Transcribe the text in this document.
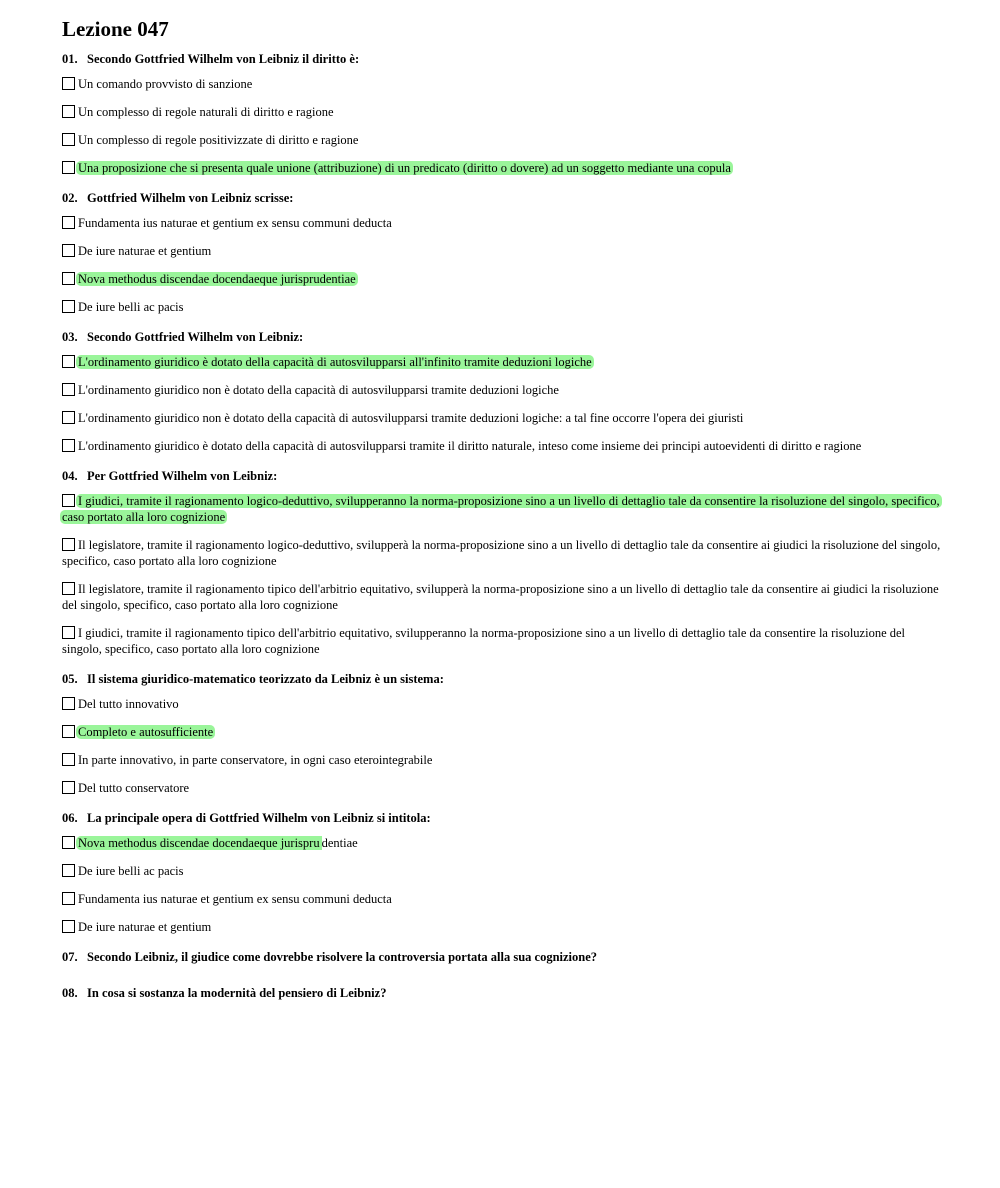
Lezione 047
01. Secondo Gottfried Wilhelm von Leibniz il diritto è:
Un comando provvisto di sanzione
Un complesso di regole naturali di diritto e ragione
Un complesso di regole positivizzate di diritto e ragione
Una proposizione che si presenta quale unione (attribuzione) di un predicato (diritto o dovere) ad un soggetto mediante una copula
02. Gottfried Wilhelm von Leibniz scrisse:
Fundamenta ius naturae et gentium ex sensu communi deducta
De iure naturae et gentium
Nova methodus discendae docendaeque jurisprudentiae
De iure belli ac pacis
03. Secondo Gottfried Wilhelm von Leibniz:
L'ordinamento giuridico è dotato della capacità di autosvilupparsi all'infinito tramite deduzioni logiche
L'ordinamento giuridico non è dotato della capacità di autosvilupparsi tramite deduzioni logiche
L'ordinamento giuridico non è dotato della capacità di autosvilupparsi tramite deduzioni logiche: a tal fine occorre l'opera dei giuristi
L'ordinamento giuridico è dotato della capacità di autosvilupparsi tramite il diritto naturale, inteso come insieme dei principi autoevidenti di diritto e ragione
04. Per Gottfried Wilhelm von Leibniz:
I giudici, tramite il ragionamento logico-deduttivo, svilupperanno la norma-proposizione sino a un livello di dettaglio tale da consentire la risoluzione del singolo, specifico, caso portato alla loro cognizione
Il legislatore, tramite il ragionamento logico-deduttivo, svilupperà la norma-proposizione sino a un livello di dettaglio tale da consentire ai giudici la risoluzione del singolo, specifico, caso portato alla loro cognizione
Il legislatore, tramite il ragionamento tipico dell'arbitrio equitativo, svilupperà la norma-proposizione sino a un livello di dettaglio tale da consentire ai giudici la risoluzione del singolo, specifico, caso portato alla loro cognizione
I giudici, tramite il ragionamento tipico dell'arbitrio equitativo, svilupperanno la norma-proposizione sino a un livello di dettaglio tale da consentire la risoluzione del singolo, specifico, caso portato alla loro cognizione
05. Il sistema giuridico-matematico teorizzato da Leibniz è un sistema:
Del tutto innovativo
Completo e autosufficiente
In parte innovativo, in parte conservatore, in ogni caso eterointegrabile
Del tutto conservatore
06. La principale opera di Gottfried Wilhelm von Leibniz si intitola:
Nova methodus discendae docendaeque jurispru dentiae
De iure belli ac pacis
Fundamenta ius naturae et gentium ex sensu communi deducta
De iure naturae et gentium
07. Secondo Leibniz, il giudice come dovrebbe risolvere la controversia portata alla sua cognizione?
08. In cosa si sostanza la modernità del pensiero di Leibniz?
